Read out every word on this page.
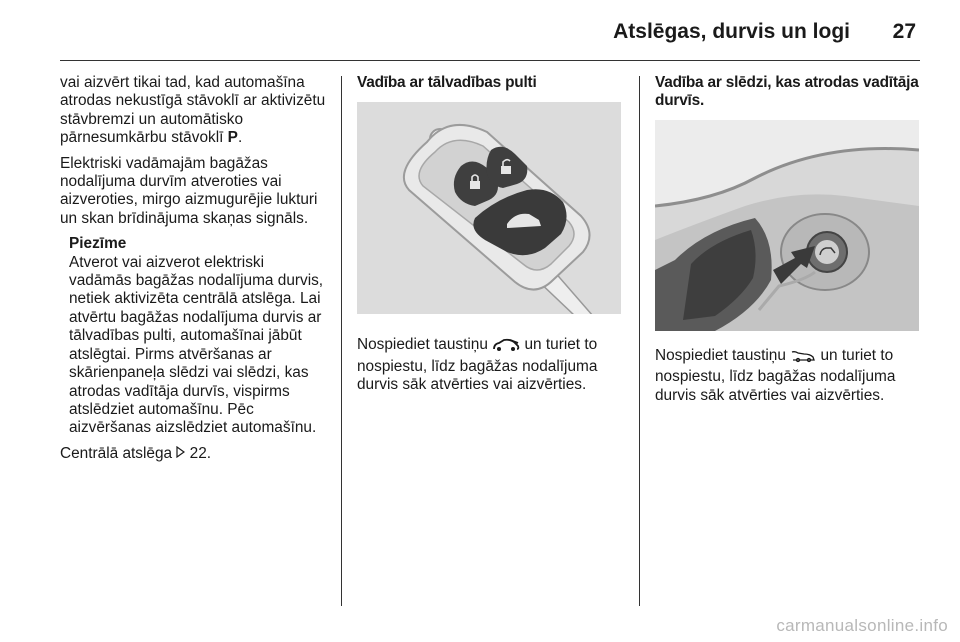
Atslēgas, durvis un logi 27

vai aizvērt tikai tad, kad automašīna atrodas nekustīgā stāvoklī ar aktivizētu stāvbremzi un automātisko pārnesumkārbu stāvoklī P.

Elektriski vadāmajām bagāžas nodalījuma durvīm atveroties vai aizveroties, mirgo aizmugurējie lukturi un skan brīdinājuma skaņas signāls.

Piezīme
Atverot vai aizverot elektriski vadāmās bagāžas nodalījuma durvis, netiek aktivizēta centrālā atslēga. Lai atvērtu bagāžas nodalījuma durvis ar tālvadības pulti, automašīnai jābūt atslēgtai. Pirms atvēršanas ar skārienpaneļa slēdzi vai slēdzi, kas atrodas vadītāja durvīs, vispirms atslēdziet automašīnu. Pēc aizvēršanas aizslēdziet automašīnu.

Centrālā atslēga 22.

Vadība ar tālvadības pulti

Nospiediet taustiņu un turiet to nospiestu, līdz bagāžas nodalījuma durvis sāk atvērties vai aizvērties.

Vadība ar slēdzi, kas atrodas vadītāja durvīs.

Nospiediet taustiņu un turiet to nospiestu, līdz bagāžas nodalījuma durvis sāk atvērties vai aizvērties.

carmanualsonline.info
